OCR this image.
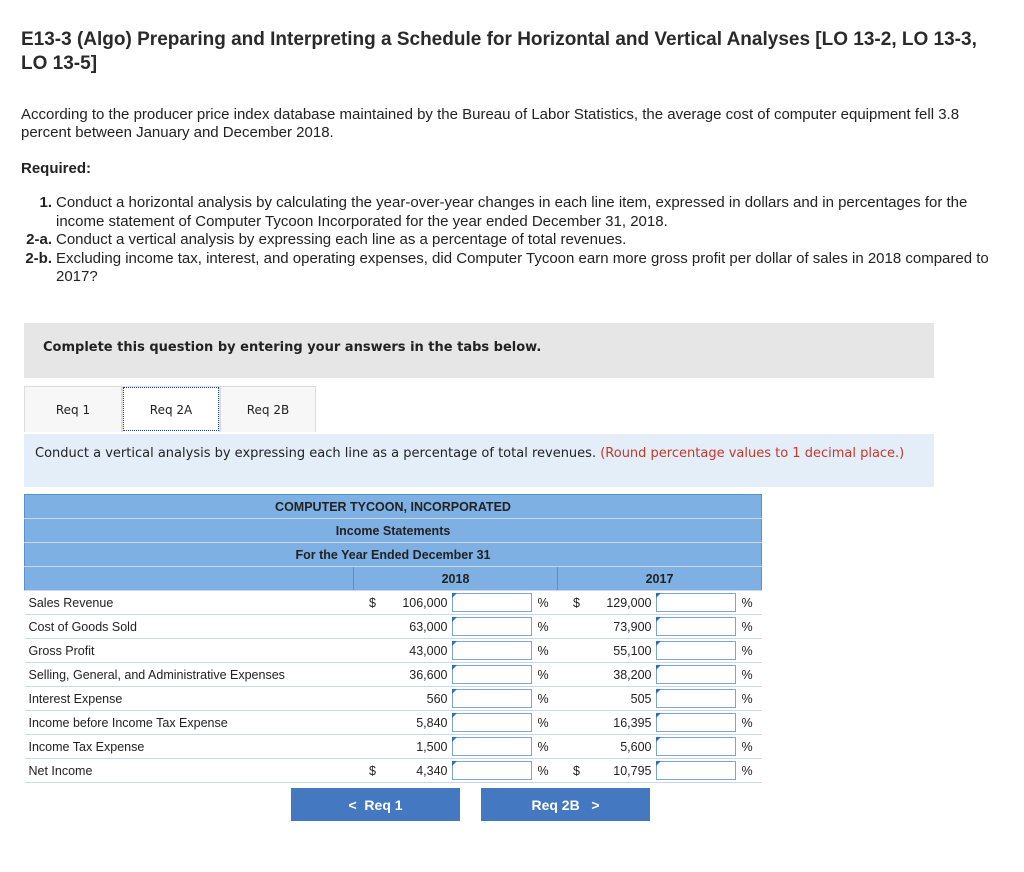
E13-3 (Algo) Preparing and Interpreting a Schedule for Horizontal and Vertical Analyses [LO 13-2, LO 13-3, LO 13-5]
According to the producer price index database maintained by the Bureau of Labor Statistics, the average cost of computer equipment fell 3.8 percent between January and December 2018.
Required:
1. Conduct a horizontal analysis by calculating the year-over-year changes in each line item, expressed in dollars and in percentages for the income statement of Computer Tycoon Incorporated for the year ended December 31, 2018.
2-a. Conduct a vertical analysis by expressing each line as a percentage of total revenues.
2-b. Excluding income tax, interest, and operating expenses, did Computer Tycoon earn more gross profit per dollar of sales in 2018 compared to 2017?
Complete this question by entering your answers in the tabs below.
Req 1	Req 2A	Req 2B
Conduct a vertical analysis by expressing each line as a percentage of total revenues. (Round percentage values to 1 decimal place.)
COMPUTER TYCOON, INCORPORATED								
Income Statements								
For the Year Ended December 31								
	2018				2017			
Sales Revenue	$	106,000		%	$	129,000		%
Cost of Goods Sold		63,000		%		73,900		%
Gross Profit		43,000		%		55,100		%
Selling, General, and Administrative Expenses		36,600		%		38,200		%
Interest Expense		560		%		505		%
Income before Income Tax Expense		5,840		%		16,395		%
Income Tax Expense		1,500		%		5,600		%
Net Income	$	4,340		%	$	10,795		%
< Req 1	Req 2B >
